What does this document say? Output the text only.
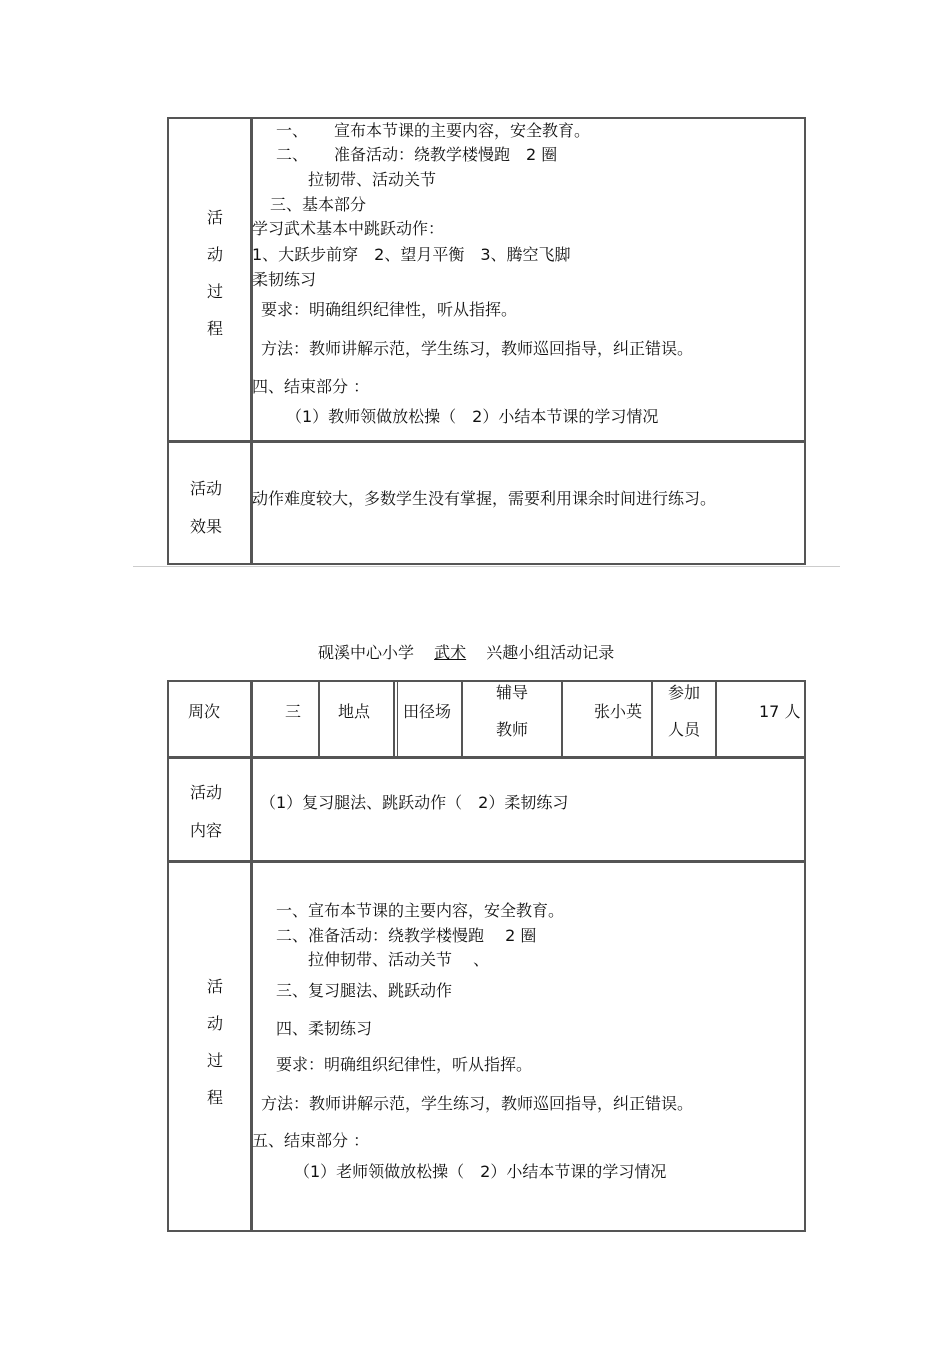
活
动
过
程
一、 宣布本节课的主要内容，安全教育。
二、 准备活动：绕教学楼慢跑　2 圈
拉韧带、活动关节
三、基本部分
学习武术基本中跳跃动作：
1、大跃步前穿　2、望月平衡　3、腾空飞脚
柔韧练习
要求：明确组织纪律性，听从指挥。
方法：教师讲解示范，学生练习，教师巡回指导，纠正错误。
四、结束部分 ：
（1）教师领做放松操（　2）小结本节课的学习情况
活动
效果
动作难度较大，多数学生没有掌握，需要利用课余时间进行练习。
砚溪中心小学 武术 兴趣小组活动记录
周次	三 地点 田径场
辅导
教师
张小英
参加
人员
17 人
活动
内容
（1）复习腿法、跳跃动作（　2）柔韧练习
活
动
过
程
一、宣布本节课的主要内容，安全教育。
二、准备活动：绕教学楼慢跑　 2 圈
拉伸韧带、活动关节　 、
三、复习腿法、跳跃动作
四、柔韧练习
要求：明确组织纪律性，听从指挥。
方法：教师讲解示范，学生练习，教师巡回指导，纠正错误。
五、结束部分 ：
（1）老师领做放松操（　2）小结本节课的学习情况
